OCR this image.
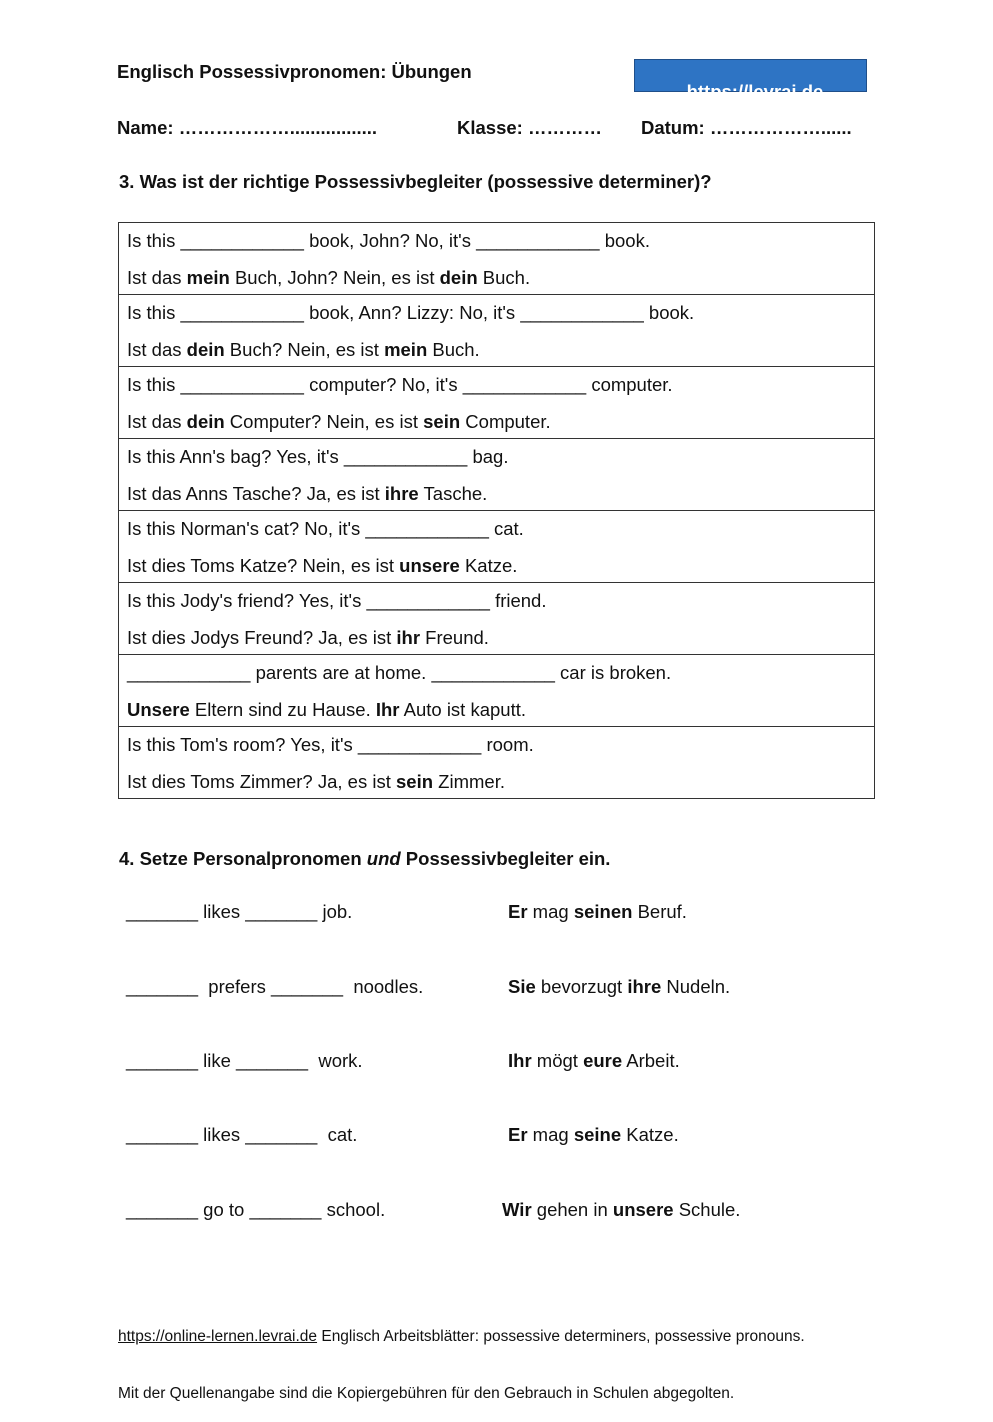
Englisch Possessivpronomen: Übungen

https://levrai.de

Name: ……………….................	Klasse: ………… Datum: ………………......
3. Was ist der richtige Possessivbegleiter (possessive determiner)?
Is this ____________ book, John? No, it's ____________ book.
Ist das mein Buch, John? Nein, es ist dein Buch.

Is this ____________ book, Ann? Lizzy: No, it's ____________ book.
Ist das dein Buch? Nein, es ist mein Buch.

Is this ____________ computer? No, it's ____________ computer.
Ist das dein Computer? Nein, es ist sein Computer.

Is this Ann's bag? Yes, it's ____________ bag.
Ist das Anns Tasche? Ja, es ist ihre Tasche.

Is this Norman's cat? No, it's ____________ cat.
Ist dies Toms Katze? Nein, es ist unsere Katze.

Is this Jody's friend? Yes, it's ____________ friend.
Ist dies Jodys Freund? Ja, es ist ihr Freund.

____________ parents are at home. ____________ car is broken.
Unsere Eltern sind zu Hause. Ihr Auto ist kaputt.

Is this Tom's room? Yes, it's ____________ room.
Ist dies Toms Zimmer? Ja, es ist sein Zimmer.
4. Setze Personalpronomen und Possessivbegleiter ein.
_______ likes _______ job.	Er mag seinen Beruf.
_______  prefers _______  noodles.	Sie bevorzugt ihre Nudeln.
_______ like _______  work.	Ihr mögt eure Arbeit.
_______ likes _______  cat.	Er mag seine Katze.
_______ go to _______ school.	Wir gehen in unsere Schule.

https://online-lernen.levrai.de Englisch Arbeitsblätter: possessive determiners, possessive pronouns.

Mit der Quellenangabe sind die Kopiergebühren für den Gebrauch in Schulen abgegolten.
